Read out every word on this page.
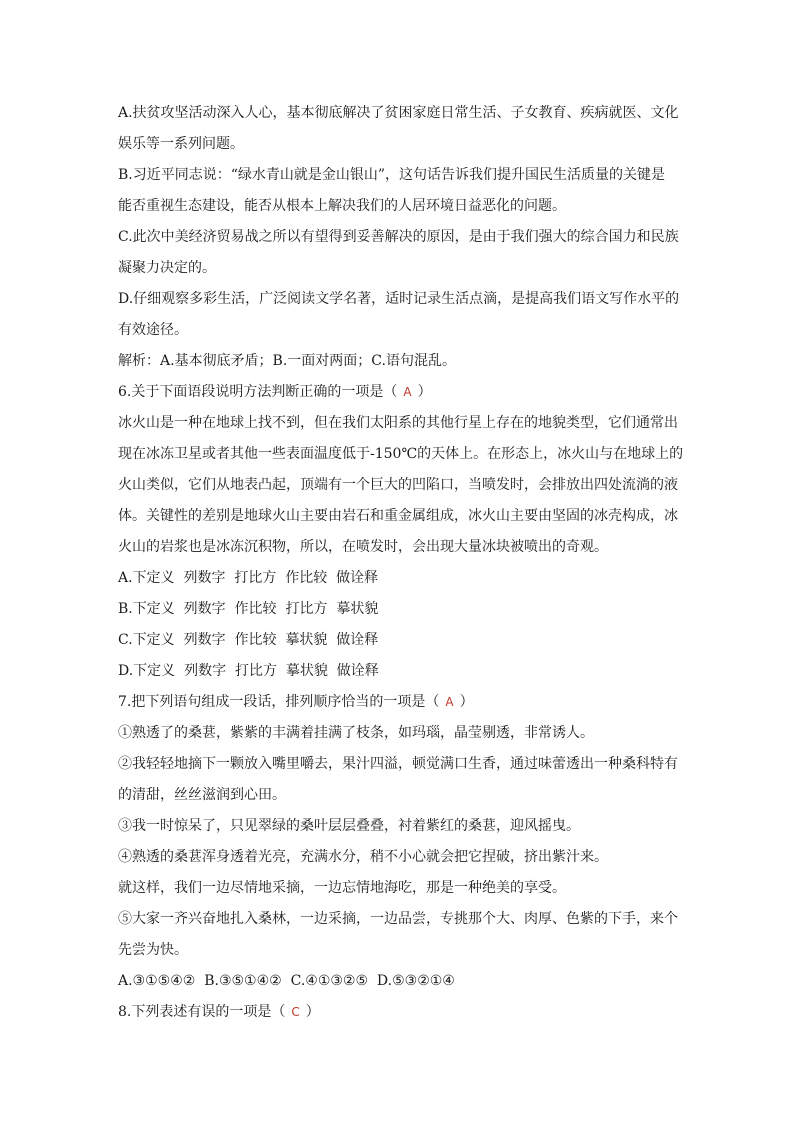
A.扶贫攻坚活动深入人心，基本彻底解决了贫困家庭日常生活、子女教育、疾病就医、文化
娱乐等一系列问题。
B.习近平同志说：“绿水青山就是金山银山”，这句话告诉我们提升国民生活质量的关键是
能否重视生态建设，能否从根本上解决我们的人居环境日益恶化的问题。
C.此次中美经济贸易战之所以有望得到妥善解决的原因，是由于我们强大的综合国力和民族
凝聚力决定的。
D.仔细观察多彩生活，广泛阅读文学名著，适时记录生活点滴，是提高我们语文写作水平的
有效途径。
解析：A.基本彻底矛盾；B.一面对两面；C.语句混乱。
6.关于下面语段说明方法判断正确的一项是（ A ）
冰火山是一种在地球上找不到，但在我们太阳系的其他行星上存在的地貌类型，它们通常出
现在冰冻卫星或者其他一些表面温度低于-150℃的天体上。在形态上，冰火山与在地球上的
火山类似，它们从地表凸起，顶端有一个巨大的凹陷口，当喷发时，会排放出四处流淌的液
体。关键性的差别是地球火山主要由岩石和重金属组成，冰火山主要由坚固的冰壳构成，冰
火山的岩浆也是冰冻沉积物，所以，在喷发时，会出现大量冰块被喷出的奇观。
A.下定义  列数字  打比方  作比较  做诠释
B.下定义  列数字  作比较  打比方  摹状貌
C.下定义  列数字  作比较  摹状貌  做诠释
D.下定义  列数字  打比方  摹状貌  做诠释
7.把下列语句组成一段话，排列顺序恰当的一项是（ A ）
①熟透了的桑葚，紫紫的丰满着挂满了枝条，如玛瑙，晶莹剔透，非常诱人。
②我轻轻地摘下一颗放入嘴里嚼去，果汁四溢，顿觉满口生香，通过味蕾透出一种桑科特有
的清甜，丝丝滋润到心田。
③我一时惊呆了，只见翠绿的桑叶层层叠叠，衬着紫红的桑葚，迎风摇曳。
④熟透的桑葚浑身透着光亮，充满水分，稍不小心就会把它捏破，挤出紫汁来。
就这样，我们一边尽情地采摘，一边忘情地海吃，那是一种绝美的享受。
⑤大家一齐兴奋地扎入桑林，一边采摘，一边品尝，专挑那个大、肉厚、色紫的下手，来个
先尝为快。
A.③①⑤④②  B.③⑤①④②  C.④①③②⑤  D.⑤③②①④
8.下列表述有误的一项是（ C ）
